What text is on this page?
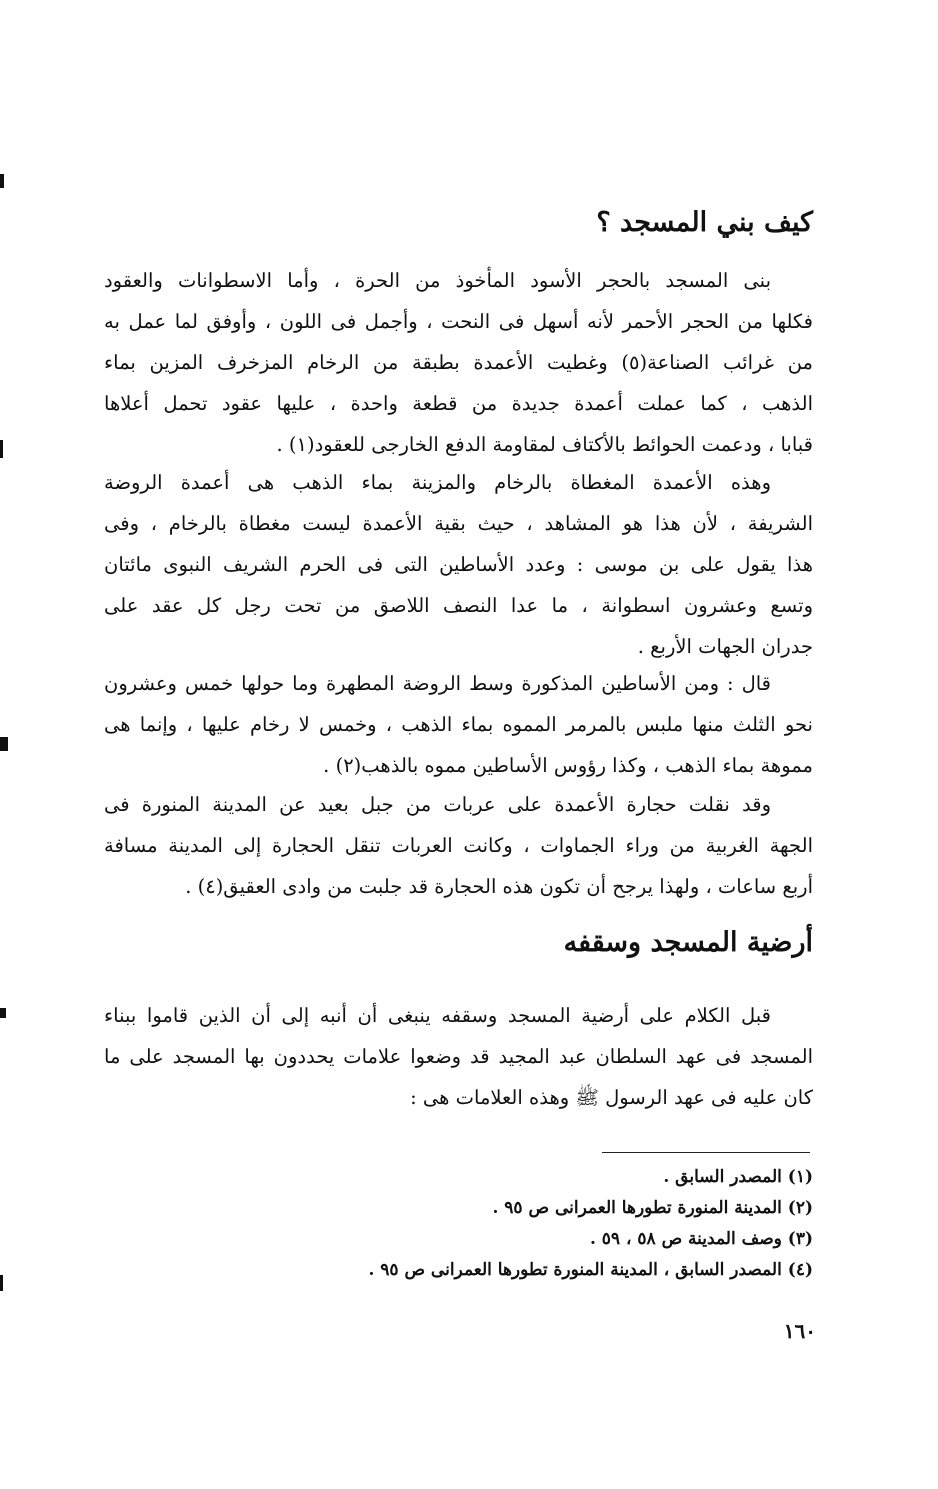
كيف بني المسجد ؟
بنى المسجد بالحجر الأسود المأخوذ من الحرة ، وأما الاسطوانات والعقود
فكلها من الحجر الأحمر لأنه أسهل فى النحت ، وأجمل فى اللون ، وأوفق لما عمل به
من غرائب الصناعة(٥) وغطيت الأعمدة بطبقة من الرخام المزخرف المزين بماء
الذهب ، كما عملت أعمدة جديدة من قطعة واحدة ، عليها عقود تحمل أعلاها
قبابا ، ودعمت الحوائط بالأكتاف لمقاومة الدفع الخارجى للعقود(١) .
وهذه الأعمدة المغطاة بالرخام والمزينة بماء الذهب هى أعمدة الروضة
الشريفة ، لأن هذا هو المشاهد ، حيث بقية الأعمدة ليست مغطاة بالرخام ، وفى
هذا يقول على بن موسى : وعدد الأساطين التى فى الحرم الشريف النبوى مائتان
وتسع وعشرون اسطوانة ، ما عدا النصف اللاصق من تحت رجل كل عقد على
جدران الجهات الأربع .
قال : ومن الأساطين المذكورة وسط الروضة المطهرة وما حولها خمس وعشرون
نحو الثلث منها ملبس بالمرمر المموه بماء الذهب ، وخمس لا رخام عليها ، وإنما هى
مموهة بماء الذهب ، وكذا رؤوس الأساطين مموه بالذهب(٢) .
وقد نقلت حجارة الأعمدة على عربات من جبل بعيد عن المدينة المنورة فى
الجهة الغربية من وراء الجماوات ، وكانت العربات تنقل الحجارة إلى المدينة مسافة
أربع ساعات ، ولهذا يرجح أن تكون هذه الحجارة قد جلبت من وادى العقيق(٤) .
أرضية المسجد وسقفه
قبل الكلام على أرضية المسجد وسقفه ينبغى أن أنبه إلى أن الذين قاموا ببناء
المسجد فى عهد السلطان عبد المجيد قد وضعوا علامات يحددون بها المسجد على ما
كان عليه فى عهد الرسول ﷺ وهذه العلامات هى :
(١) المصدر السابق .
(٢) المدينة المنورة تطورها العمرانى ص ٩٥ .
(٣) وصف المدينة ص ٥٨ ، ٥٩ .
(٤) المصدر السابق ، المدينة المنورة تطورها العمرانى ص ٩٥ .
١٦٠
